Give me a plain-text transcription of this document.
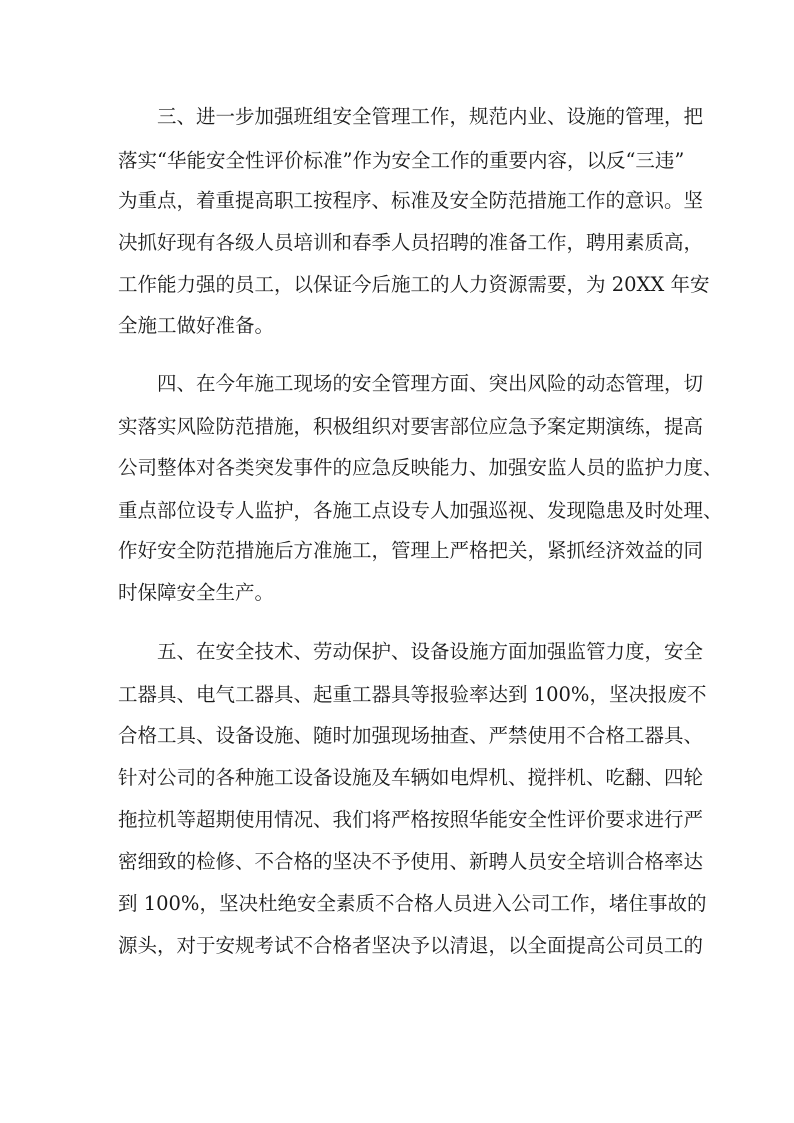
三、进一步加强班组安全管理工作，规范内业、设施的管理，把
落实“华能安全性评价标准”作为安全工作的重要内容，以反“三违”
为重点，着重提高职工按程序、标准及安全防范措施工作的意识。坚
决抓好现有各级人员培训和春季人员招聘的准备工作，聘用素质高，
工作能力强的员工，以保证今后施工的人力资源需要，为 20XX 年安
全施工做好准备。
四、在今年施工现场的安全管理方面、突出风险的动态管理，切
实落实风险防范措施，积极组织对要害部位应急予案定期演练，提高
公司整体对各类突发事件的应急反映能力、加强安监人员的监护力度、
重点部位设专人监护，各施工点设专人加强巡视、发现隐患及时处理、
作好安全防范措施后方准施工，管理上严格把关，紧抓经济效益的同
时保障安全生产。
五、在安全技术、劳动保护、设备设施方面加强监管力度，安全
工器具、电气工器具、起重工器具等报验率达到 100%，坚决报废不
合格工具、设备设施、随时加强现场抽查、严禁使用不合格工器具、
针对公司的各种施工设备设施及车辆如电焊机、搅拌机、吃翻、四轮
拖拉机等超期使用情况、我们将严格按照华能安全性评价要求进行严
密细致的检修、不合格的坚决不予使用、新聘人员安全培训合格率达
到 100%，坚决杜绝安全素质不合格人员进入公司工作，堵住事故的
源头，对于安规考试不合格者坚决予以清退，以全面提高公司员工的
